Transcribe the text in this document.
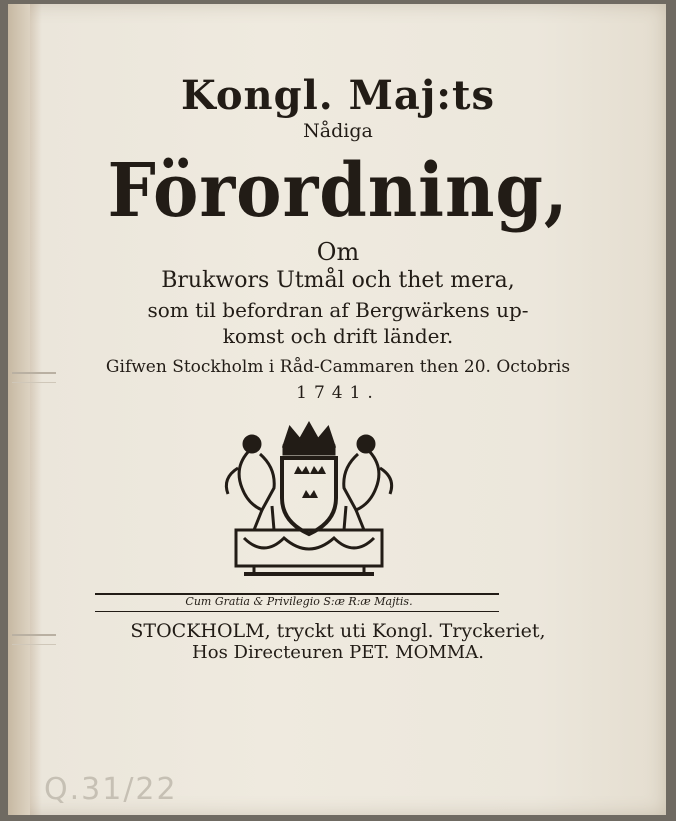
Kongl. Maj:ts
Nådiga
Förordning,
Om
Brukwors Utmål och thet mera,
som til befordran af Bergwärkens up-
komst och drift länder.
Gifwen Stockholm i Råd-Cammaren then 20. Octobris
1741.
Cum Gratia & Privilegio S:æ R:æ Majtis.
STOCKHOLM, tryckt uti Kongl. Tryckeriet,
Hos Directeuren PET. MOMMA.
Q.31/22
